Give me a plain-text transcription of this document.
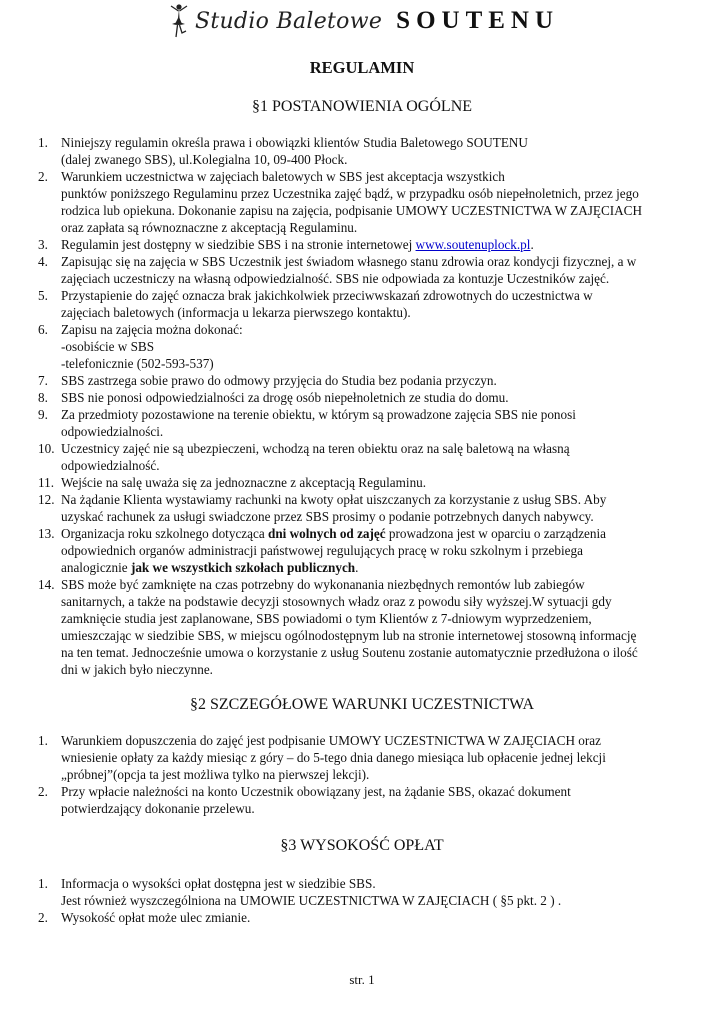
Studio Baletowe SOUTENU
REGULAMIN
§1 POSTANOWIENIA OGÓLNE
1. Niniejszy regulamin określa prawa i obowiązki klientów Studia Baletowego SOUTENU
(dalej zwanego SBS), ul.Kolegialna 10, 09-400 Płock.
2. Warunkiem uczestnictwa w zajęciach baletowych w SBS jest akceptacja wszystkich
punktów poniższego Regulaminu przez Uczestnika zajęć bądź, w przypadku osób niepełnoletnich, przez jego
rodzica lub opiekuna. Dokonanie zapisu na zajęcia, podpisanie UMOWY UCZESTNICTWA W ZAJĘCIACH
oraz zapłata są równoznaczne z akceptacją Regulaminu.
3. Regulamin jest dostępny w siedzibie SBS i na stronie internetowej www.soutenuplock.pl.
4. Zapisując się na zajęcia w SBS Uczestnik jest świadom własnego stanu zdrowia oraz kondycji fizycznej, a w
zajęciach uczestniczy na własną odpowiedzialność. SBS nie odpowiada za kontuzje Uczestników zajęć.
5. Przystapienie do zajęć oznacza brak jakichkolwiek przeciwwskazań zdrowotnych do uczestnictwa w
zajęciach baletowych (informacja u lekarza pierwszego kontaktu).
6. Zapisu na zajęcia można dokonać:
-osobiście w SBS
-telefonicznie (502-593-537)
7. SBS zastrzega sobie prawo do odmowy przyjęcia do Studia bez podania przyczyn.
8. SBS nie ponosi odpowiedzialności za drogę osób niepełnoletnich ze studia do domu.
9. Za przedmioty pozostawione na terenie obiektu, w którym są prowadzone zajęcia SBS nie ponosi
odpowiedzialności.
10. Uczestnicy zajęć nie są ubezpieczeni, wchodzą na teren obiektu oraz na salę baletową na własną
odpowiedzialność.
11. Wejście na salę uważa się za jednoznaczne z akceptacją Regulaminu.
12. Na żądanie Klienta wystawiamy rachunki na kwoty opłat uiszczanych za korzystanie z usług SBS. Aby
uzyskać rachunek za usługi swiadczone przez SBS prosimy o podanie potrzebnych danych nabywcy.
13. Organizacja roku szkolnego dotycząca dni wolnych od zajęć prowadzona jest w oparciu o zarządzenia
odpowiednich organów administracji państwowej regulujących pracę w roku szkolnym i przebiega
analogicznie jak we wszystkich szkołach publicznych.
14. SBS może być zamknięte na czas potrzebny do wykonanania niezbędnych remontów lub zabiegów
sanitarnych, a także na podstawie decyzji stosownych władz oraz z powodu siły wyższej.W sytuacji gdy
zamknięcie studia jest zaplanowane, SBS powiadomi o tym Klientów z 7-dniowym wyprzedzeniem,
umieszczając w siedzibie SBS, w miejscu ogólnodostępnym lub na stronie internetowej stosowną informację
na ten temat. Jednocześnie umowa o korzystanie z usług Soutenu zostanie automatycznie przedłużona o ilość
dni w jakich było nieczynne.
§2 SZCZEGÓŁOWE WARUNKI UCZESTNICTWA
1. Warunkiem dopuszczenia do zajęć jest podpisanie UMOWY UCZESTNICTWA W ZAJĘCIACH oraz
wniesienie opłaty za każdy miesiąc z góry – do 5-tego dnia danego miesiąca lub opłacenie jednej lekcji
„próbnej”(opcja ta jest możliwa tylko na pierwszej lekcji).
2. Przy wpłacie należności na konto Uczestnik obowiązany jest, na żądanie SBS, okazać dokument
potwierdzający dokonanie przelewu.
§3 WYSOKOŚĆ OPŁAT
1. Informacja o wysokści opłat dostępna jest w siedzibie SBS.
Jest również wyszczególniona na UMOWIE UCZESTNICTWA W ZAJĘCIACH ( §5 pkt. 2 ) .
2. Wysokość opłat może ulec zmianie.
str. 1
